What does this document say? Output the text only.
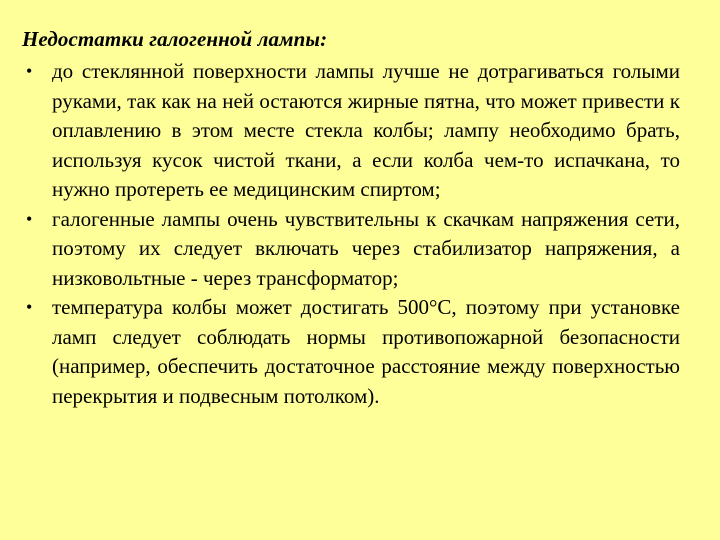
Недостатки галогенной лампы:
• до стеклянной поверхности лампы лучше не дотрагиваться голыми руками, так как на ней остаются жирные пятна, что может привести к оплавлению в этом месте стекла колбы; лампу необходимо брать, используя кусок чистой ткани, а если колба чем-то испачкана, то нужно протереть ее медицинским спиртом;
• галогенные лампы очень чувствительны к скачкам напряжения сети, поэтому их следует включать через стабилизатор напряжения, а низковольтные - через трансформатор;
• температура колбы может достигать 500°С, поэтому при установке ламп следует соблюдать нормы противопожарной безопасности (например, обеспечить достаточное расстояние между поверхностью перекрытия и подвесным потолком).
